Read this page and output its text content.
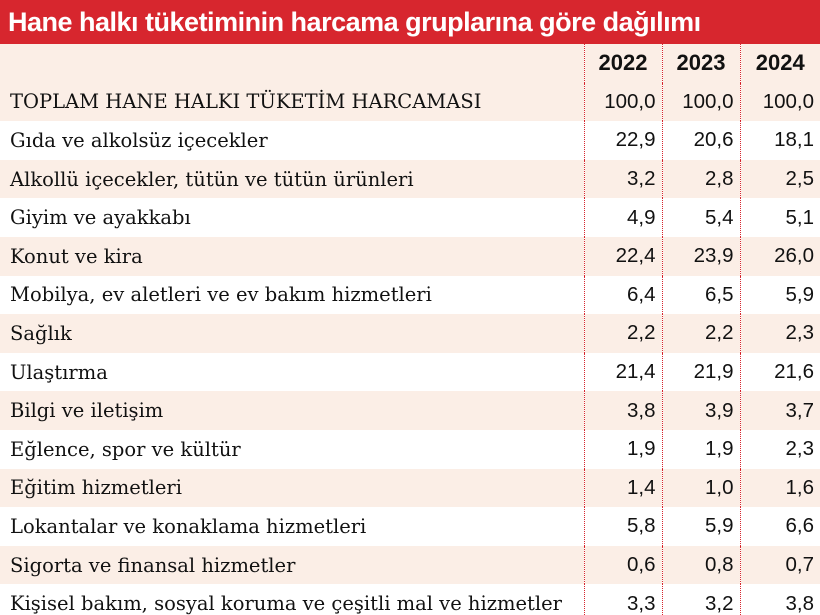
Hane halkı tüketiminin harcama gruplarına göre dağılımı
	2022	2023	2024
TOPLAM HANE HALKI TÜKETİM HARCAMASI	100,0	100,0	100,0
Gıda ve alkolsüz içecekler	22,9	20,6	18,1
Alkollü içecekler, tütün ve tütün ürünleri	3,2	2,8	2,5
Giyim ve ayakkabı	4,9	5,4	5,1
Konut ve kira	22,4	23,9	26,0
Mobilya, ev aletleri ve ev bakım hizmetleri	6,4	6,5	5,9
Sağlık	2,2	2,2	2,3
Ulaştırma	21,4	21,9	21,6
Bilgi ve iletişim	3,8	3,9	3,7
Eğlence, spor ve kültür	1,9	1,9	2,3
Eğitim hizmetleri	1,4	1,0	1,6
Lokantalar ve konaklama hizmetleri	5,8	5,9	6,6
Sigorta ve finansal hizmetler	0,6	0,8	0,7
Kişisel bakım, sosyal koruma ve çeşitli mal ve hizmetler	3,3	3,2	3,8
